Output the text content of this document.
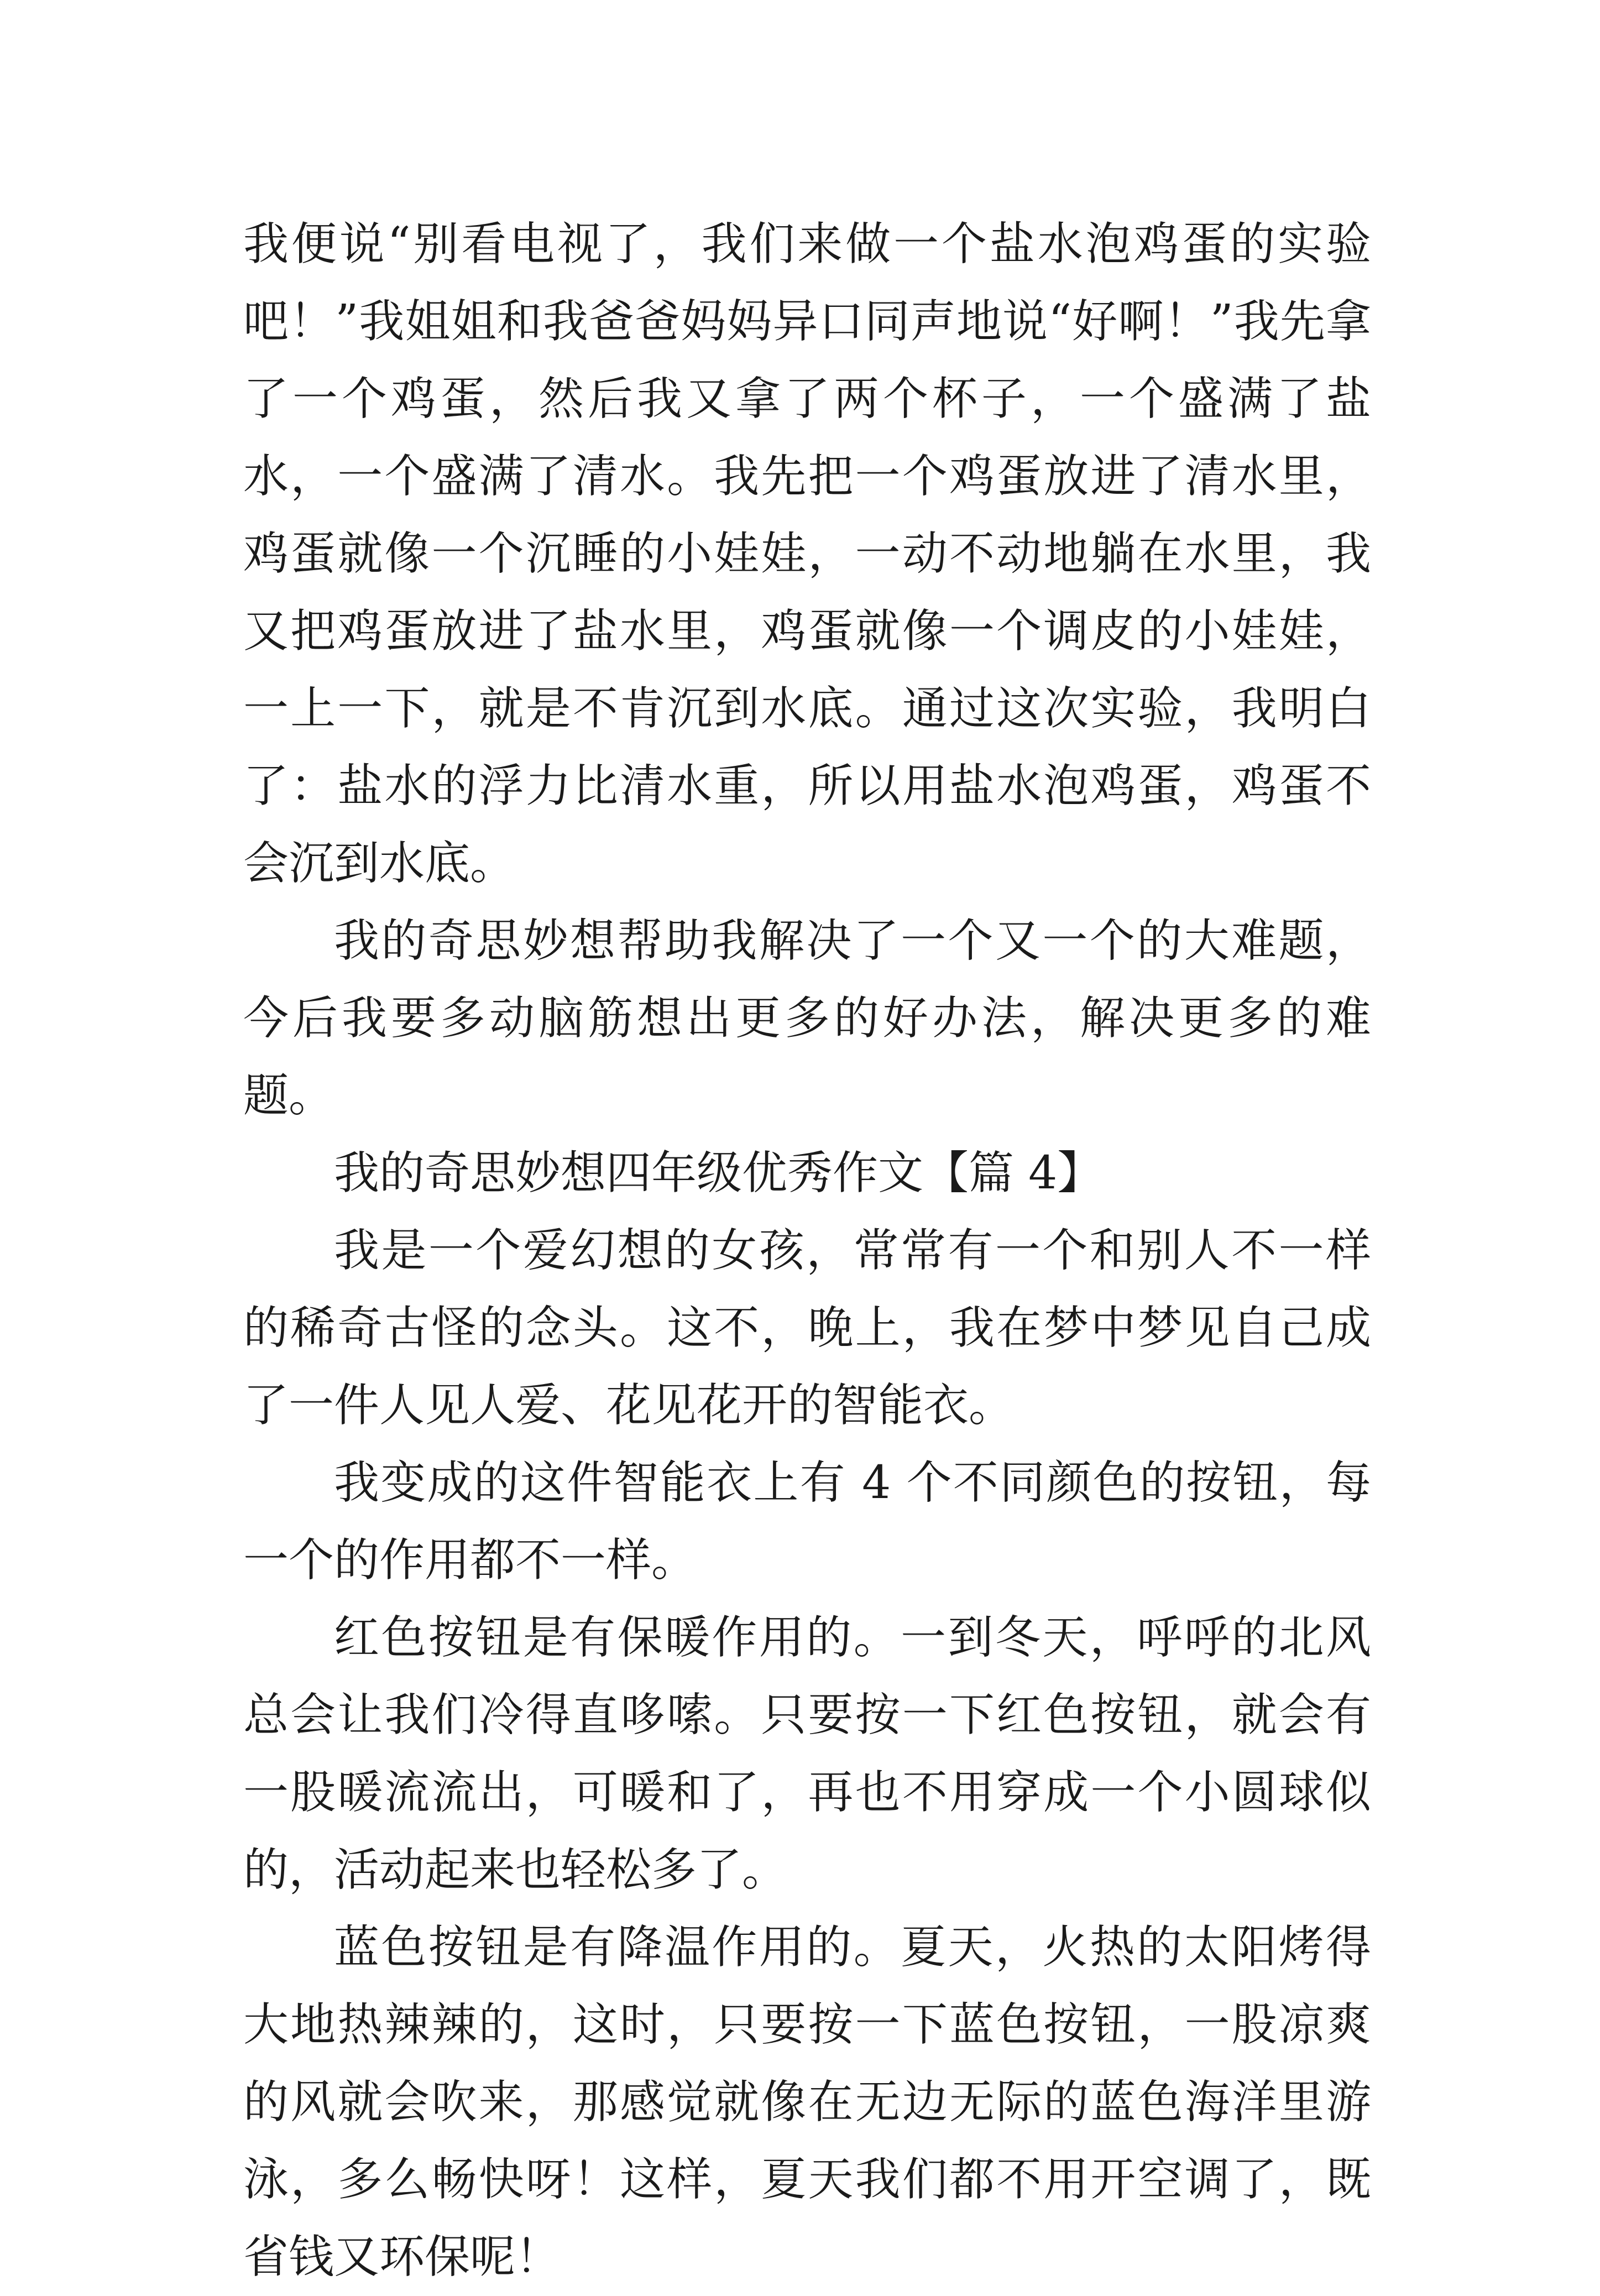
我便说“别看电视了，我们来做一个盐水泡鸡蛋的实验吧！”我姐姐和我爸爸妈妈异口同声地说“好啊！”我先拿了一个鸡蛋，然后我又拿了两个杯子，一个盛满了盐水，一个盛满了清水。我先把一个鸡蛋放进了清水里，鸡蛋就像一个沉睡的小娃娃，一动不动地躺在水里，我又把鸡蛋放进了盐水里，鸡蛋就像一个调皮的小娃娃，一上一下，就是不肯沉到水底。通过这次实验，我明白了：盐水的浮力比清水重，所以用盐水泡鸡蛋，鸡蛋不会沉到水底。

我的奇思妙想帮助我解决了一个又一个的大难题，今后我要多动脑筋想出更多的好办法，解决更多的难题。

我的奇思妙想四年级优秀作文【篇 4】

我是一个爱幻想的女孩，常常有一个和别人不一样的稀奇古怪的念头。这不，晚上，我在梦中梦见自己成了一件人见人爱、花见花开的智能衣。

我变成的这件智能衣上有 4 个不同颜色的按钮，每一个的作用都不一样。

红色按钮是有保暖作用的。一到冬天，呼呼的北风总会让我们冷得直哆嗦。只要按一下红色按钮，就会有一股暖流流出，可暖和了，再也不用穿成一个小圆球似的，活动起来也轻松多了。

蓝色按钮是有降温作用的。夏天，火热的太阳烤得大地热辣辣的，这时，只要按一下蓝色按钮，一股凉爽的风就会吹来，那感觉就像在无边无际的蓝色海洋里游泳，多么畅快呀！这样，夏天我们都不用开空调了，既省钱又环保呢！
